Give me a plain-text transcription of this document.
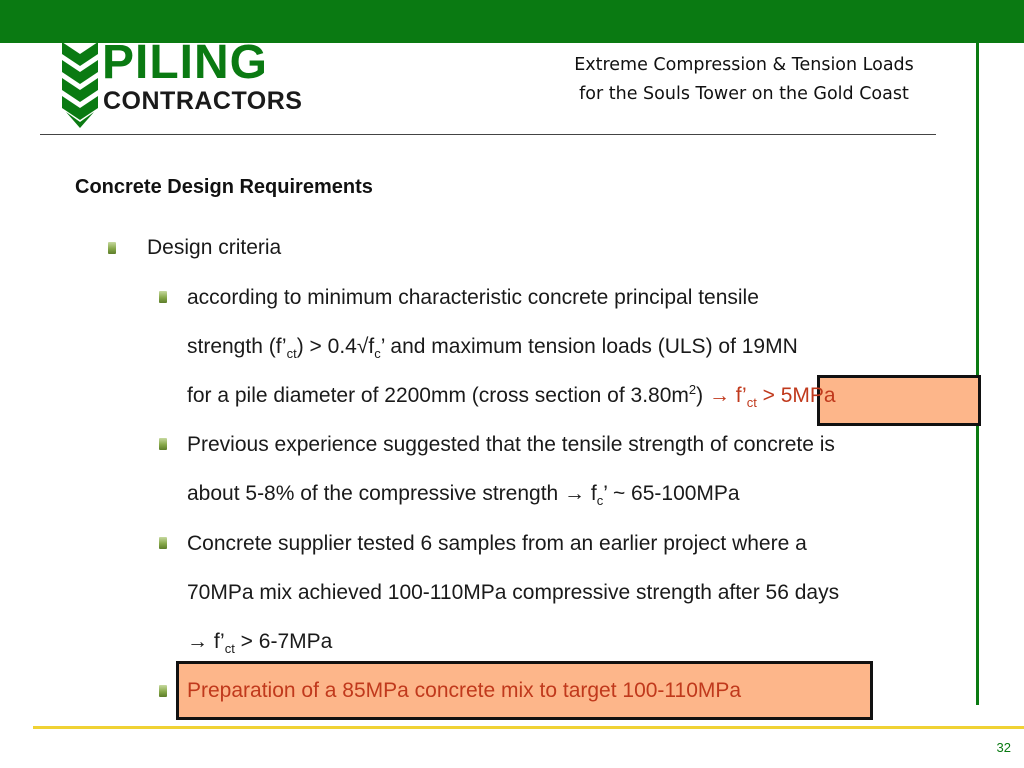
PILING
CONTRACTORS
Extreme Compression & Tension Loads
for the Souls Tower on the Gold Coast
Concrete Design Requirements
Design criteria
according to minimum characteristic concrete principal tensile
strength $(f’_{ct}) > 0.4√f_c$’ and maximum tension loads (ULS) of 19MN
for a pile diameter of 2200mm (cross section of $3.80m^2$) → $f’_{ct} > 5MPa$
Previous experience suggested that the tensile strength of concrete is
about 5-8% of the compressive strength → $f_c$’ ~ 65-100MPa
Concrete supplier tested 6 samples from an earlier project where a
70MPa mix achieved 100-110MPa compressive strength after 56 days
→ $f’_{ct} > 6-7MPa$
Preparation of a 85MPa concrete mix to target 100-110MPa
32
